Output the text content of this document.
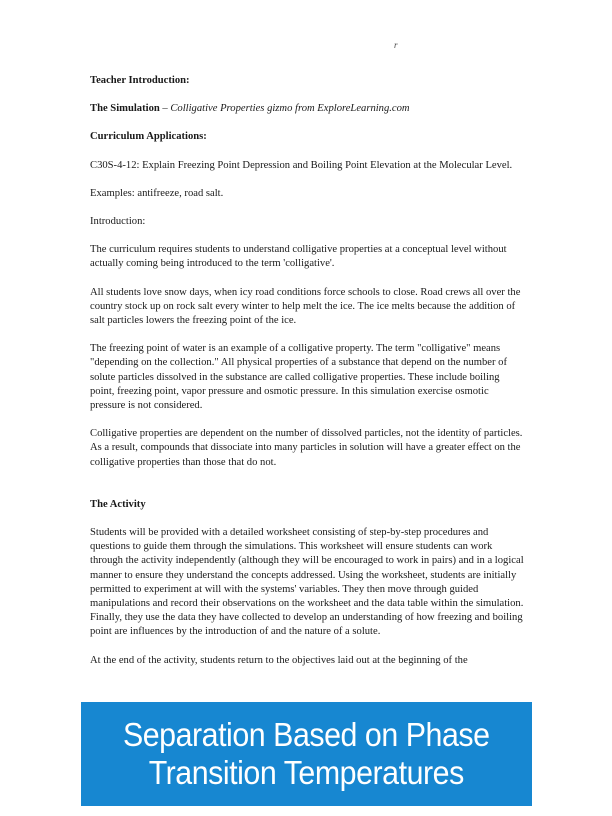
r

Teacher Introduction:

The Simulation – Colligative Properties gizmo from ExploreLearning.com

Curriculum Applications:

C30S-4-12: Explain Freezing Point Depression and Boiling Point Elevation at the Molecular Level.

Examples: antifreeze, road salt.

Introduction:

The curriculum requires students to understand colligative properties at a conceptual level without actually coming being introduced to the term 'colligative'.

All students love snow days, when icy road conditions force schools to close. Road crews all over the country stock up on rock salt every winter to help melt the ice. The ice melts because the addition of salt particles lowers the freezing point of the ice.

The freezing point of water is an example of a colligative property. The term "colligative" means "depending on the collection." All physical properties of a substance that depend on the number of solute particles dissolved in the substance are called colligative properties. These include boiling point, freezing point, vapor pressure and osmotic pressure. In this simulation exercise osmotic pressure is not considered.

Colligative properties are dependent on the number of dissolved particles, not the identity of particles. As a result, compounds that dissociate into many particles in solution will have a greater effect on the colligative properties than those that do not.

The Activity

Students will be provided with a detailed worksheet consisting of step-by-step procedures and questions to guide them through the simulations. This worksheet will ensure students can work through the activity independently (although they will be encouraged to work in pairs) and in a logical manner to ensure they understand the concepts addressed. Using the worksheet, students are initially permitted to experiment at will with the systems' variables. They then move through guided manipulations and record their observations on the worksheet and the data table within the simulation. Finally, they use the data they have collected to develop an understanding of how freezing and boiling point are influences by the introduction of and the nature of a solute.

At the end of the activity, students return to the objectives laid out at the beginning of the

Separation Based on Phase
Transition Temperatures
